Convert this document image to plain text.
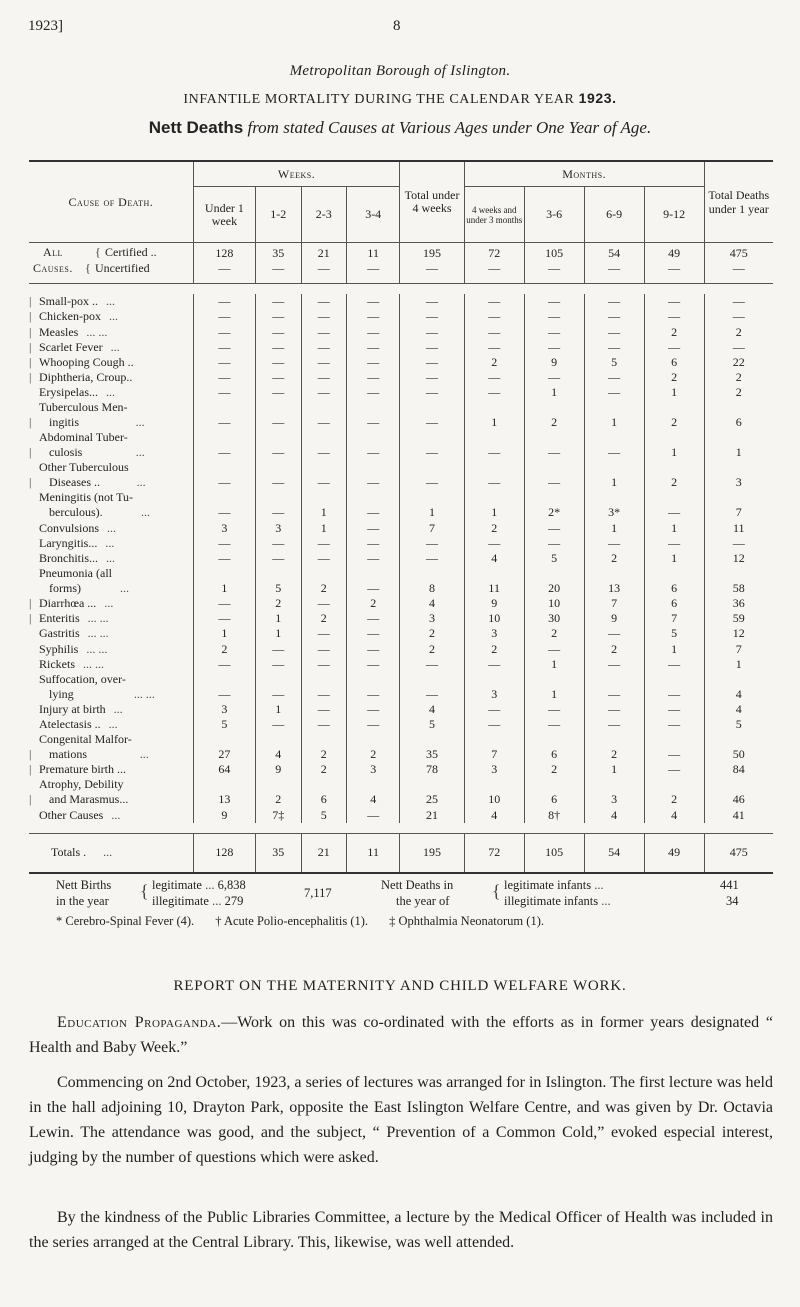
1923]	8
Metropolitan Borough of Islington.
INFANTILE MORTALITY DURING THE CALENDAR YEAR 1923.
Nett Deaths from stated Causes at Various Ages under One Year of Age.
Cause of Death.	Weeks.				Total under 4 weeks	Months.				Total Deaths under 1 year
	Under 1 week	1-2	2-3	3-4		4 weeks and under 3 months	3-6	6-9	9-12	
All { Certified ..	128	35	21	11	195	72	105	54	49	475
Causes. { Uncertified	—	—	—	—	—	—	—	—	—	—

| Small-pox .. ...	—	—	—	—	—	—	—	—	—	—
| Chicken-pox ...	—	—	—	—	—	—	—	—	—	—
| Measles ... ...	—	—	—	—	—	—	—	—	2	2
| Scarlet Fever ...	—	—	—	—	—	—	—	—	—	—
| Whooping Cough ..	—	—	—	—	—	2	9	5	6	22
| Diphtheria, Croup..	—	—	—	—	—	—	—	—	2	2

Erysipelas... ...	—	—	—	—	—	—	1	—	1	2
|
Tuberculous Men-
ingitis ...	—	—	—	—	—	1	2	1	2	6
|
Abdominal Tuber-
culosis ...	—	—	—	—	—	—	—	—	1	1
|
Other Tuberculous
Diseases .. ...	—	—	—	—	—	—	—	1	2	3

Meningitis (not Tu-
berculous). ...	—	—	1	—	1	1	2*	3*	—	7

Convulsions ...	3	3	1	—	7	2	—	1	1	11

Laryngitis... ...	—	—	—	—	—	—	—	—	—	—

Bronchitis... ...	—	—	—	—	—	4	5	2	1	12

Pneumonia (all
forms) ...	1	5	2	—	8	11	20	13	6	58
| Diarrhœa ... ...	—	2	—	2	4	9	10	7	6	36
| Enteritis ... ...	—	1	2	—	3	10	30	9	7	59

Gastritis ... ...	1	1	—	—	2	3	2	—	5	12

Syphilis ... ...	2	—	—	—	2	2	—	2	1	7

Rickets ... ...	—	—	—	—	—	—	1	—	—	1

Suffocation, over-
lying ... ...	—	—	—	—	—	3	1	—	—	4

Injury at birth ...	3	1	—	—	4	—	—	—	—	4

Atelectasis .. ...	5	—	—	—	5	—	—	—	—	5
|
Congenital Malfor-
mations ...	27	4	2	2	35	7	6	2	—	50
| Premature birth ...	64	9	2	3	78	3	2	1	—	84
|
Atrophy, Debility
and Marasmus...	13	2	6	4	25	10	6	3	2	46

Other Causes ...	9	7‡	5	—	21	4	8†	4	4	41

Totals . ...	128	35	21	11	195	72	105	54	49	475
Nett Births
in the year { legitimate ... 6,838
illegitimate ... 279
7,117
Nett Deaths in
the year of { legitimate infants ...	441
illegitimate infants ...	34
* Cerebro-Spinal Fever (4). † Acute Polio-encephalitis (1). ‡ Ophthalmia Neonatorum (1).
REPORT ON THE MATERNITY AND CHILD WELFARE WORK.
Education Propaganda.—Work on this was co-ordinated with the efforts as in former years designated “ Health and Baby Week.”
Commencing on 2nd October, 1923, a series of lectures was arranged for in Islington. The first lecture was held in the hall adjoining 10, Drayton Park, opposite the East Islington Welfare Centre, and was given by Dr. Octavia Lewin. The attendance was good, and the subject, “ Prevention of a Common Cold,” evoked especial interest, judging by the number of questions which were asked.
By the kindness of the Public Libraries Committee, a lecture by the Medical Officer of Health was included in the series arranged at the Central Library. This, likewise, was well attended.
